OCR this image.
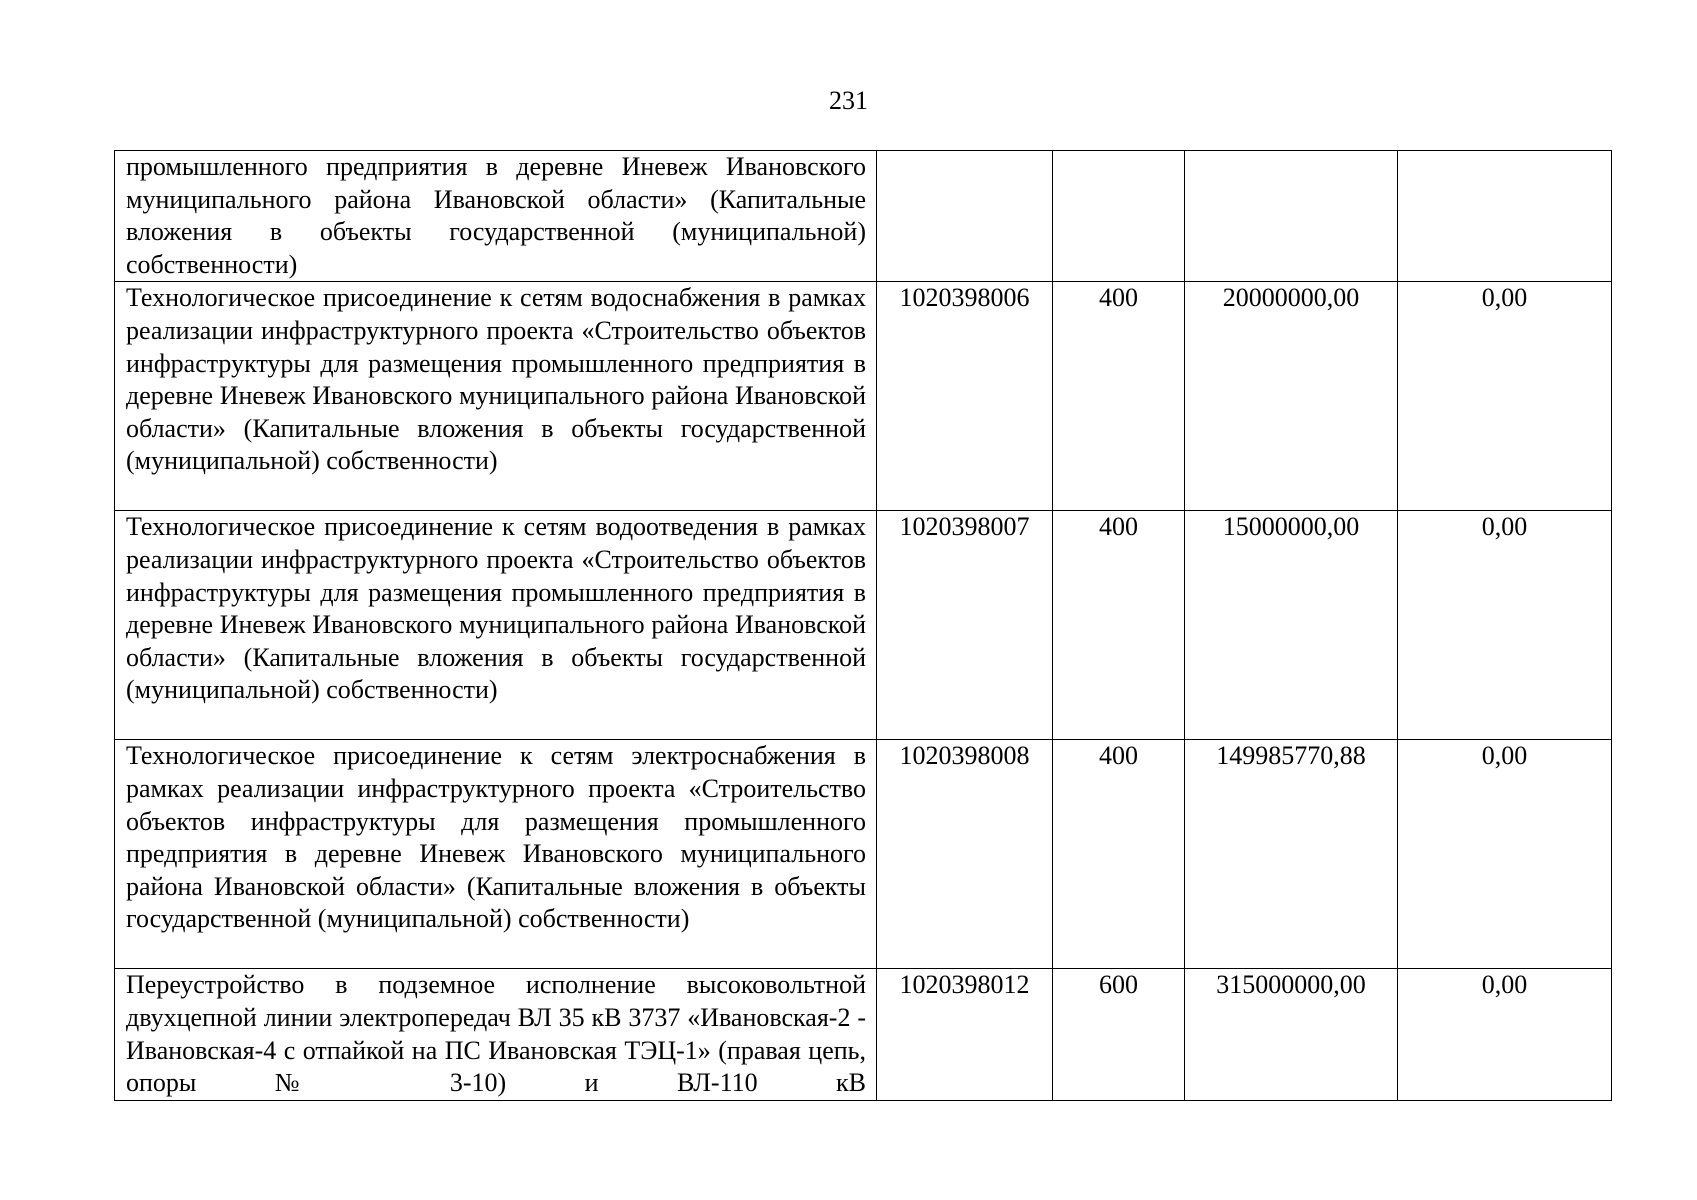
231
промышленного предприятия в деревне Иневеж Ивановского муниципального района Ивановской области» (Капитальные вложения в объекты государственной (муниципальной) собственности)				
Технологическое присоединение к сетям водоснабжения в рамках реализации инфраструктурного проекта «Строительство объектов инфраструктуры для размещения промышленного предприятия в деревне Иневеж Ивановского муниципального района Ивановской области» (Капитальные вложения в объекты государственной (муниципальной) собственности)	1020398006	400	20000000,00	0,00
Технологическое присоединение к сетям водоотведения в рамках реализации инфраструктурного проекта «Строительство объектов инфраструктуры для размещения промышленного предприятия в деревне Иневеж Ивановского муниципального района Ивановской области» (Капитальные вложения в объекты государственной (муниципальной) собственности)	1020398007	400	15000000,00	0,00
Технологическое присоединение к сетям электроснабжения в рамках реализации инфраструктурного проекта «Строительство объектов инфраструктуры для размещения промышленного предприятия в деревне Иневеж Ивановского муниципального района Ивановской области» (Капитальные вложения в объекты государственной (муниципальной) собственности)	1020398008	400	149985770,88	0,00
Переустройство в подземное исполнение высоковольтной двухцепной линии электропередач ВЛ 35 кВ 3737 «Ивановская-2 - Ивановская-4 с отпайкой на ПС Ивановская ТЭЦ-1» (правая цепь, опоры № 3-10) и ВЛ-110 кВ	1020398012	600	315000000,00	0,00
